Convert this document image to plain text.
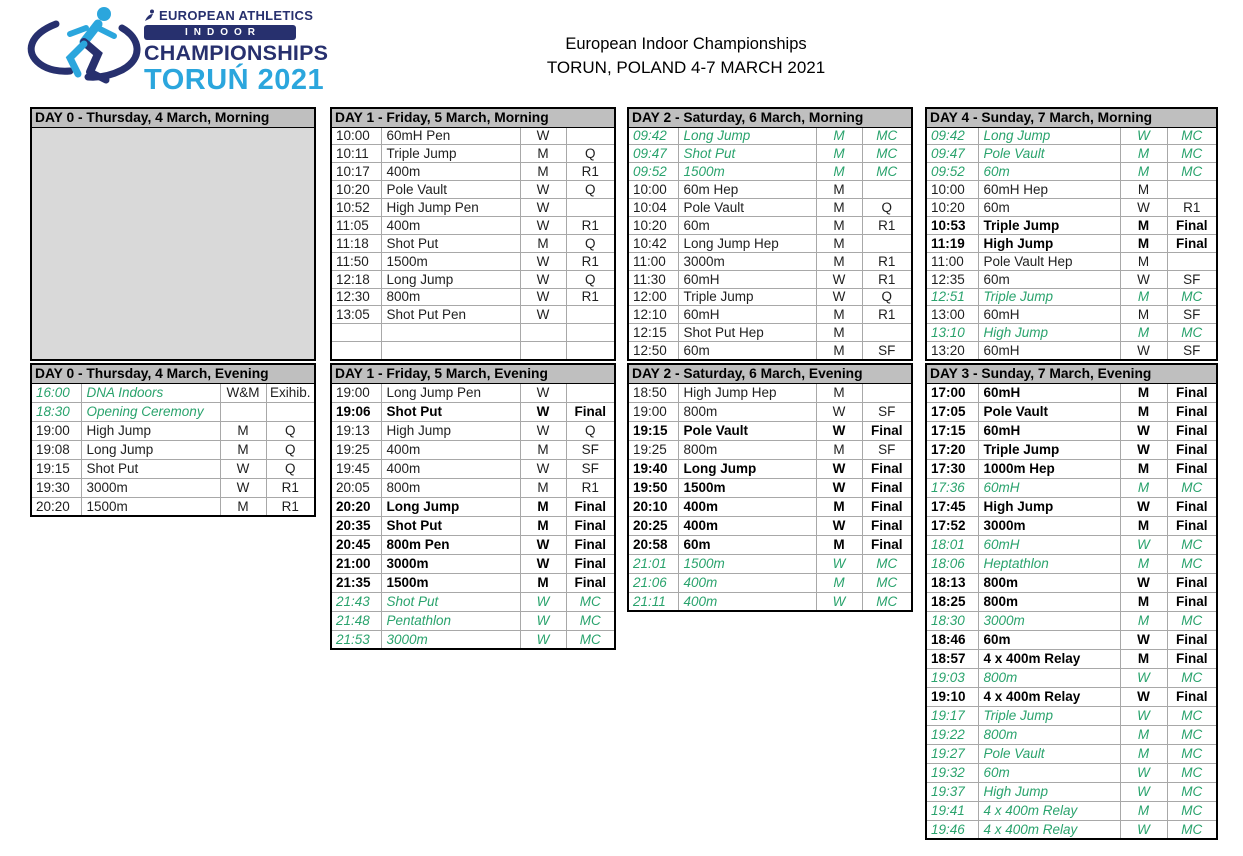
EUROPEAN ATHLETICS
INDOOR
CHAMPIONSHIPS
TORUŃ 2021
European Indoor Championships
TORUN, POLAND 4-7 MARCH 2021
DAY 0 - Thursday, 4 March, Morning

DAY 0 - Thursday, 4 March, Evening			
16:00	DNA Indoors	W&M	Exihib.
18:30	Opening Ceremony		
19:00	High Jump	M	Q
19:08	Long Jump	M	Q
19:15	Shot Put	W	Q
19:30	3000m	W	R1
20:20	1500m	M	R1
DAY 1 - Friday, 5 March, Morning			
10:00	60mH Pen	W	
10:11	Triple Jump	M	Q
10:17	400m	M	R1
10:20	Pole Vault	W	Q
10:52	High Jump Pen	W	
11:05	400m	W	R1
11:18	Shot Put	M	Q
11:50	1500m	W	R1
12:18	Long Jump	W	Q
12:30	800m	W	R1
13:05	Shot Put Pen	W	

DAY 1 - Friday, 5 March, Evening			
19:00	Long Jump Pen	W	
19:06	Shot Put	W	Final
19:13	High Jump	W	Q
19:25	400m	M	SF
19:45	400m	W	SF
20:05	800m	M	R1
20:20	Long Jump	M	Final
20:35	Shot Put	M	Final
20:45	800m Pen	W	Final
21:00	3000m	W	Final
21:35	1500m	M	Final
21:43	Shot Put	W	MC
21:48	Pentathlon	W	MC
21:53	3000m	W	MC
DAY 2 - Saturday, 6 March, Morning			
09:42	Long Jump	M	MC
09:47	Shot Put	M	MC
09:52	1500m	M	MC
10:00	60m Hep	M	
10:04	Pole Vault	M	Q
10:20	60m	M	R1
10:42	Long Jump Hep	M	
11:00	3000m	M	R1
11:30	60mH	W	R1
12:00	Triple Jump	W	Q
12:10	60mH	M	R1
12:15	Shot Put Hep	M	
12:50	60m	M	SF
DAY 2 - Saturday, 6 March, Evening			
18:50	High Jump Hep	M	
19:00	800m	W	SF
19:15	Pole Vault	W	Final
19:25	800m	M	SF
19:40	Long Jump	W	Final
19:50	1500m	W	Final
20:10	400m	M	Final
20:25	400m	W	Final
20:58	60m	M	Final
21:01	1500m	W	MC
21:06	400m	M	MC
21:11	400m	W	MC
DAY 4 - Sunday, 7 March, Morning			
09:42	Long Jump	W	MC
09:47	Pole Vault	M	MC
09:52	60m	M	MC
10:00	60mH Hep	M	
10:20	60m	W	R1
10:53	Triple Jump	M	Final
11:19	High Jump	M	Final
11:00	Pole Vault Hep	M	
12:35	60m	W	SF
12:51	Triple Jump	M	MC
13:00	60mH	M	SF
13:10	High Jump	M	MC
13:20	60mH	W	SF
DAY 3 - Sunday, 7 March, Evening			
17:00	60mH	M	Final
17:05	Pole Vault	M	Final
17:15	60mH	W	Final
17:20	Triple Jump	W	Final
17:30	1000m Hep	M	Final
17:36	60mH	M	MC
17:45	High Jump	W	Final
17:52	3000m	M	Final
18:01	60mH	W	MC
18:06	Heptathlon	M	MC
18:13	800m	W	Final
18:25	800m	M	Final
18:30	3000m	M	MC
18:46	60m	W	Final
18:57	4 x 400m Relay	M	Final
19:03	800m	W	MC
19:10	4 x 400m Relay	W	Final
19:17	Triple Jump	W	MC
19:22	800m	M	MC
19:27	Pole Vault	M	MC
19:32	60m	W	MC
19:37	High Jump	W	MC
19:41	4 x 400m Relay	M	MC
19:46	4 x 400m Relay	W	MC
